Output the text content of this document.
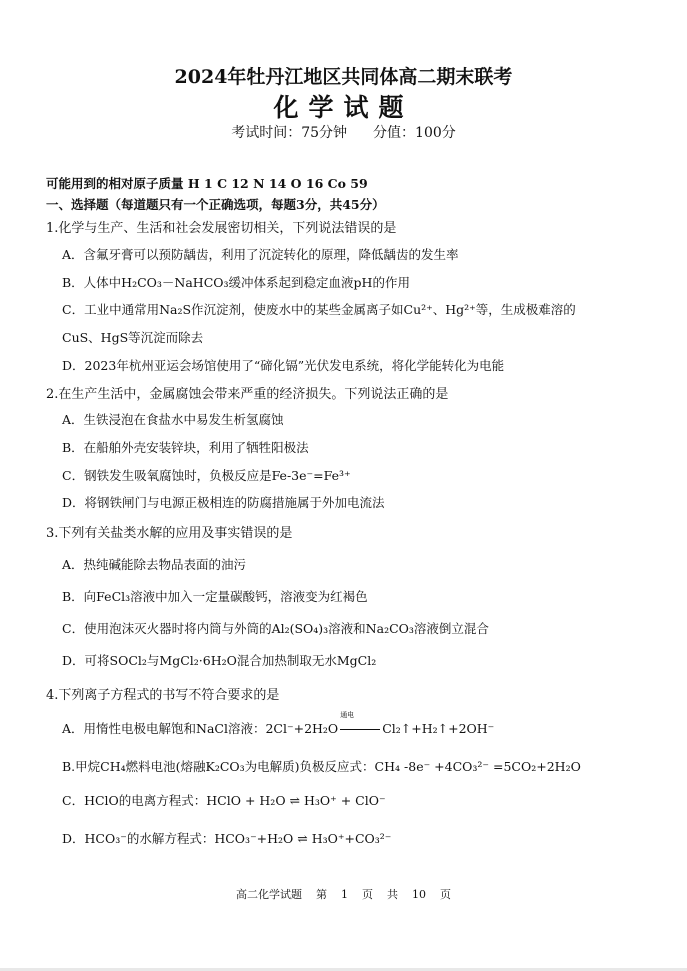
2024年牡丹江地区共同体高二期末联考
化学试题
考试时间：75分钟 分值：100分
可能用到的相对原子质量 H 1 C 12 N 14 O 16 Co 59
一、选择题（每道题只有一个正确选项，每题3分，共45分）
1.化学与生产、生活和社会发展密切相关，下列说法错误的是
A．含氟牙膏可以预防龋齿，利用了沉淀转化的原理，降低龋齿的发生率
B．人体中H₂CO₃－NaHCO₃缓冲体系起到稳定血液pH的作用
C．工业中通常用Na₂S作沉淀剂，使废水中的某些金属离子如Cu²⁺、Hg²⁺等，生成极难溶的
CuS、HgS等沉淀而除去
D．2023年杭州亚运会场馆使用了“碲化镉”光伏发电系统，将化学能转化为电能
2.在生产生活中，金属腐蚀会带来严重的经济损失。下列说法正确的是
A．生铁浸泡在食盐水中易发生析氢腐蚀
B．在船舶外壳安装锌块，利用了牺牲阳极法
C．钢铁发生吸氧腐蚀时，负极反应是Fe-3e⁻=Fe³⁺
D．将钢铁闸门与电源正极相连的防腐措施属于外加电流法
3.下列有关盐类水解的应用及事实错误的是
A．热纯碱能除去物品表面的油污
B．向FeCl₃溶液中加入一定量碳酸钙，溶液变为红褐色
C．使用泡沫灭火器时将内筒与外筒的Al₂(SO₄)₃溶液和Na₂CO₃溶液倒立混合
D．可将SOCl₂与MgCl₂·6H₂O混合加热制取无水MgCl₂
4.下列离子方程式的书写不符合要求的是
A．用惰性电极电解饱和NaCl溶液：2Cl⁻+2H₂O
通电
Cl₂↑+H₂↑+2OH⁻
B.甲烷CH₄燃料电池(熔融K₂CO₃为电解质)负极反应式：CH₄ -8e⁻ +4CO₃²⁻ =5CO₂+2H₂O
C．HClO的电离方程式：HClO + H₂O ⇌ H₃O⁺ + ClO⁻
D．HCO₃⁻的水解方程式：HCO₃⁻+H₂O ⇌ H₃O⁺+CO₃²⁻
高二化学试题 第 1 页 共 10 页
